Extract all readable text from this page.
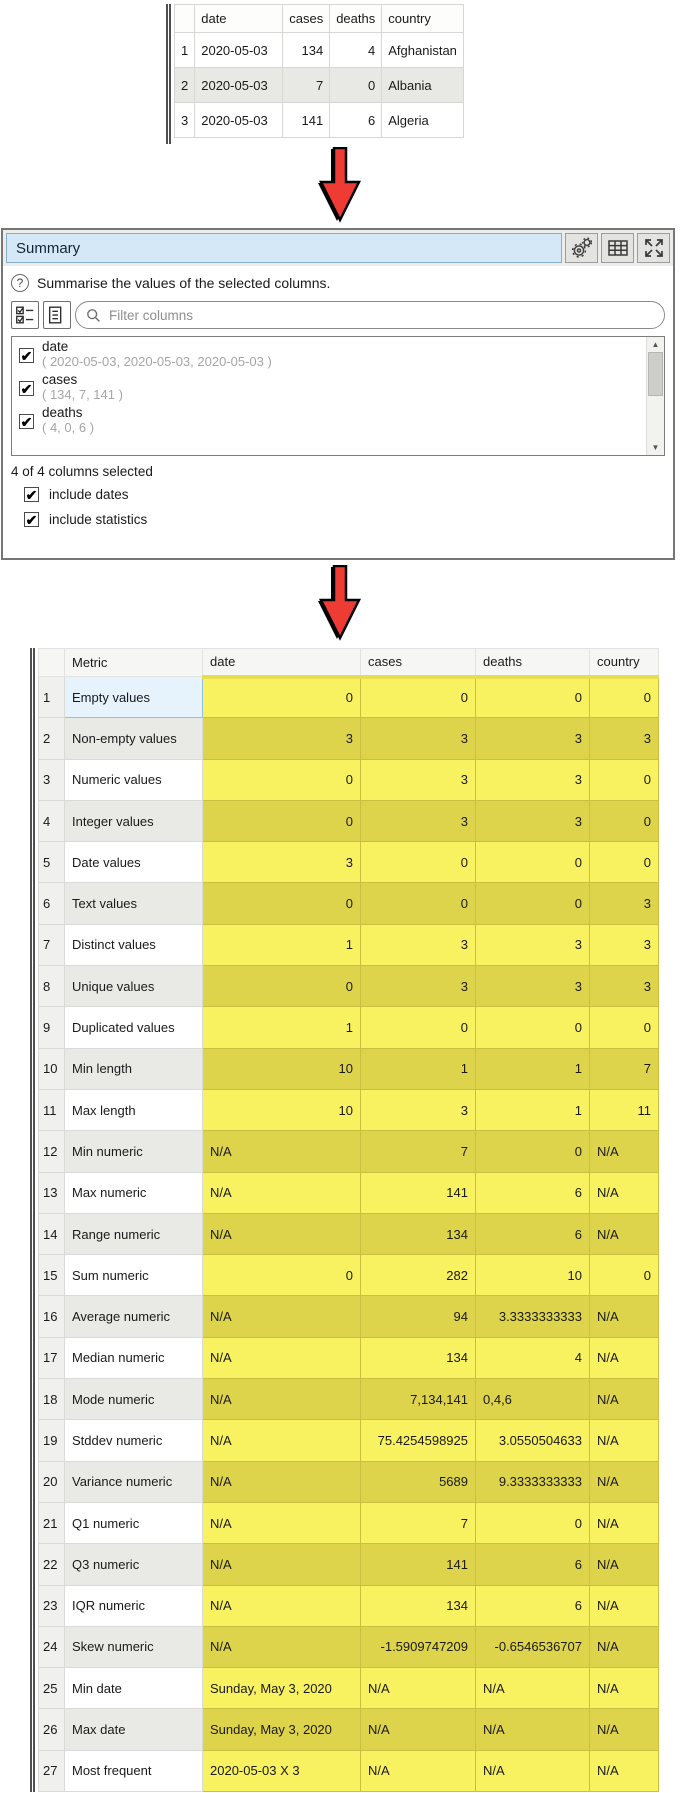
	date	cases	deaths	country
1	2020-05-03	134	4	Afghanistan
2	2020-05-03	7	0	Albania
3	2020-05-03	141	6	Algeria
Summary
? Summarise the values of the selected columns.
Filter columns
✔
date
( 2020-05-03, 2020-05-03, 2020-05-03 )
✔
cases
( 134, 7, 141 )
✔
deaths
( 4, 0, 6 )
▲
▼
4 of 4 columns selected
✔ include dates
✔ include statistics
	Metric	date	cases	deaths	country
1	Empty values	0	0	0	0
2	Non-empty values	3	3	3	3
3	Numeric values	0	3	3	0
4	Integer values	0	3	3	0
5	Date values	3	0	0	0
6	Text values	0	0	0	3
7	Distinct values	1	3	3	3
8	Unique values	0	3	3	3
9	Duplicated values	1	0	0	0
10	Min length	10	1	1	7
11	Max length	10	3	1	11
12	Min numeric	N/A	7	0	N/A
13	Max numeric	N/A	141	6	N/A
14	Range numeric	N/A	134	6	N/A
15	Sum numeric	0	282	10	0
16	Average numeric	N/A	94	3.3333333333	N/A
17	Median numeric	N/A	134	4	N/A
18	Mode numeric	N/A	7,134,141	0,4,6	N/A
19	Stddev numeric	N/A	75.4254598925	3.0550504633	N/A
20	Variance numeric	N/A	5689	9.3333333333	N/A
21	Q1 numeric	N/A	7	0	N/A
22	Q3 numeric	N/A	141	6	N/A
23	IQR numeric	N/A	134	6	N/A
24	Skew numeric	N/A	-1.5909747209	-0.6546536707	N/A
25	Min date	Sunday, May 3, 2020	N/A	N/A	N/A
26	Max date	Sunday, May 3, 2020	N/A	N/A	N/A
27	Most frequent	2020-05-03 X 3	N/A	N/A	N/A
